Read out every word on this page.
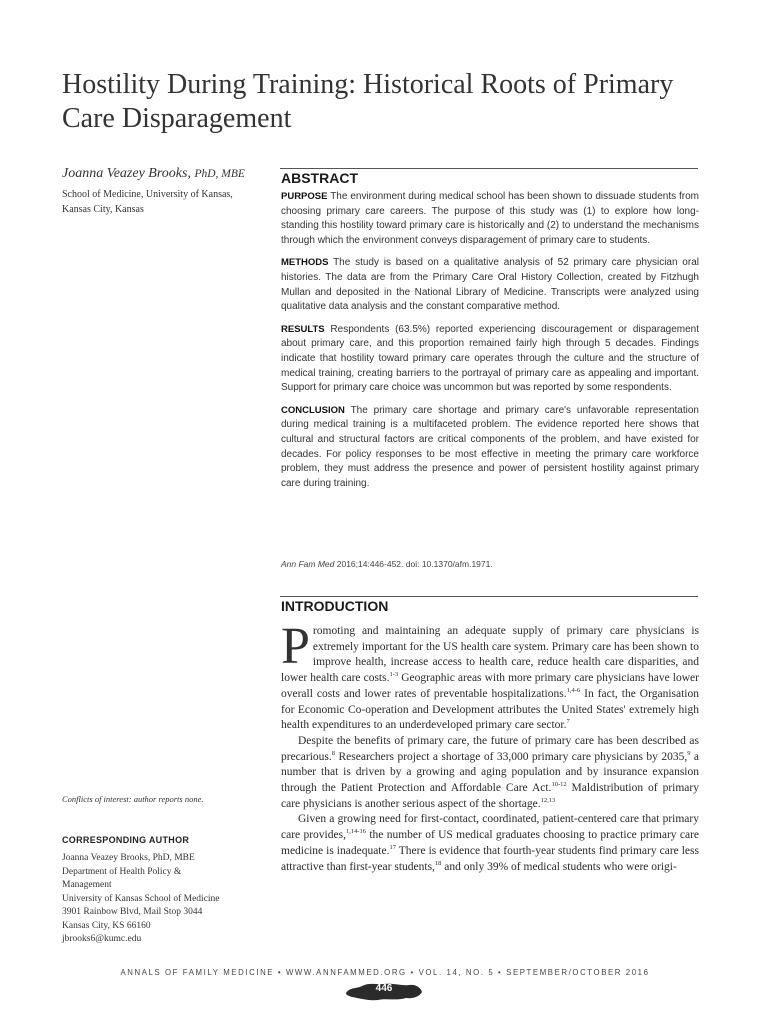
Hostility During Training: Historical Roots of Primary Care Disparagement
Joanna Veazey Brooks, PhD, MBE
School of Medicine, University of Kansas,
Kansas City, Kansas
ABSTRACT

PURPOSE The environment during medical school has been shown to dissuade students from choosing primary care careers. The purpose of this study was (1) to explore how long-standing this hostility toward primary care is historically and (2) to understand the mechanisms through which the environment conveys disparagement of primary care to students.

METHODS The study is based on a qualitative analysis of 52 primary care physician oral histories. The data are from the Primary Care Oral History Collection, created by Fitzhugh Mullan and deposited in the National Library of Medicine. Transcripts were analyzed using qualitative data analysis and the constant comparative method.

RESULTS Respondents (63.5%) reported experiencing discouragement or disparagement about primary care, and this proportion remained fairly high through 5 decades. Findings indicate that hostility toward primary care operates through the culture and the structure of medical training, creating barriers to the portrayal of primary care as appealing and important. Support for primary care choice was uncommon but was reported by some respondents.

CONCLUSION The primary care shortage and primary care's unfavorable representation during medical training is a multifaceted problem. The evidence reported here shows that cultural and structural factors are critical components of the problem, and have existed for decades. For policy responses to be most effective in meeting the primary care workforce problem, they must address the presence and power of persistent hostility against primary care during training.

Ann Fam Med 2016;14:446-452. doi: 10.1370/afm.1971.
INTRODUCTION

Promoting and maintaining an adequate supply of primary care physicians is extremely important for the US health care system. Primary care has been shown to improve health, increase access to health care, reduce health care disparities, and lower health care costs.$^{1-3}$ Geographic areas with more primary care physicians have lower overall costs and lower rates of preventable hospitalizations.$^{1,4-6}$ In fact, the Organisation for Economic Co-operation and Development attributes the United States' extremely high health expenditures to an underdeveloped primary care sector.$^7$

Despite the benefits of primary care, the future of primary care has been described as precarious.$^8$ Researchers project a shortage of 33,000 primary care physicians by 2035,$^9$ a number that is driven by a growing and aging population and by insurance expansion through the Patient Protection and Affordable Care Act.$^{10-12}$ Maldistribution of primary care physicians is another serious aspect of the shortage.$^{12,13}$

Given a growing need for first-contact, coordinated, patient-centered care that primary care provides,$^{1,14-16}$ the number of US medical graduates choosing to practice primary care medicine is inadequate.$^{17}$ There is evidence that fourth-year students find primary care less attractive than first-year students,$^{18}$ and only 39% of medical students who were origi-

Conflicts of interest: author reports none.
CORRESPONDING AUTHOR
Joanna Veazey Brooks, PhD, MBE
Department of Health Policy &
Management
University of Kansas School of Medicine
3901 Rainbow Blvd, Mail Stop 3044
Kansas City, KS 66160
jbrooks6@kumc.edu
ANNALS OF FAMILY MEDICINE • WWW.ANNFAMMED.ORG • VOL. 14, NO. 5 • SEPTEMBER/OCTOBER 2016
446
